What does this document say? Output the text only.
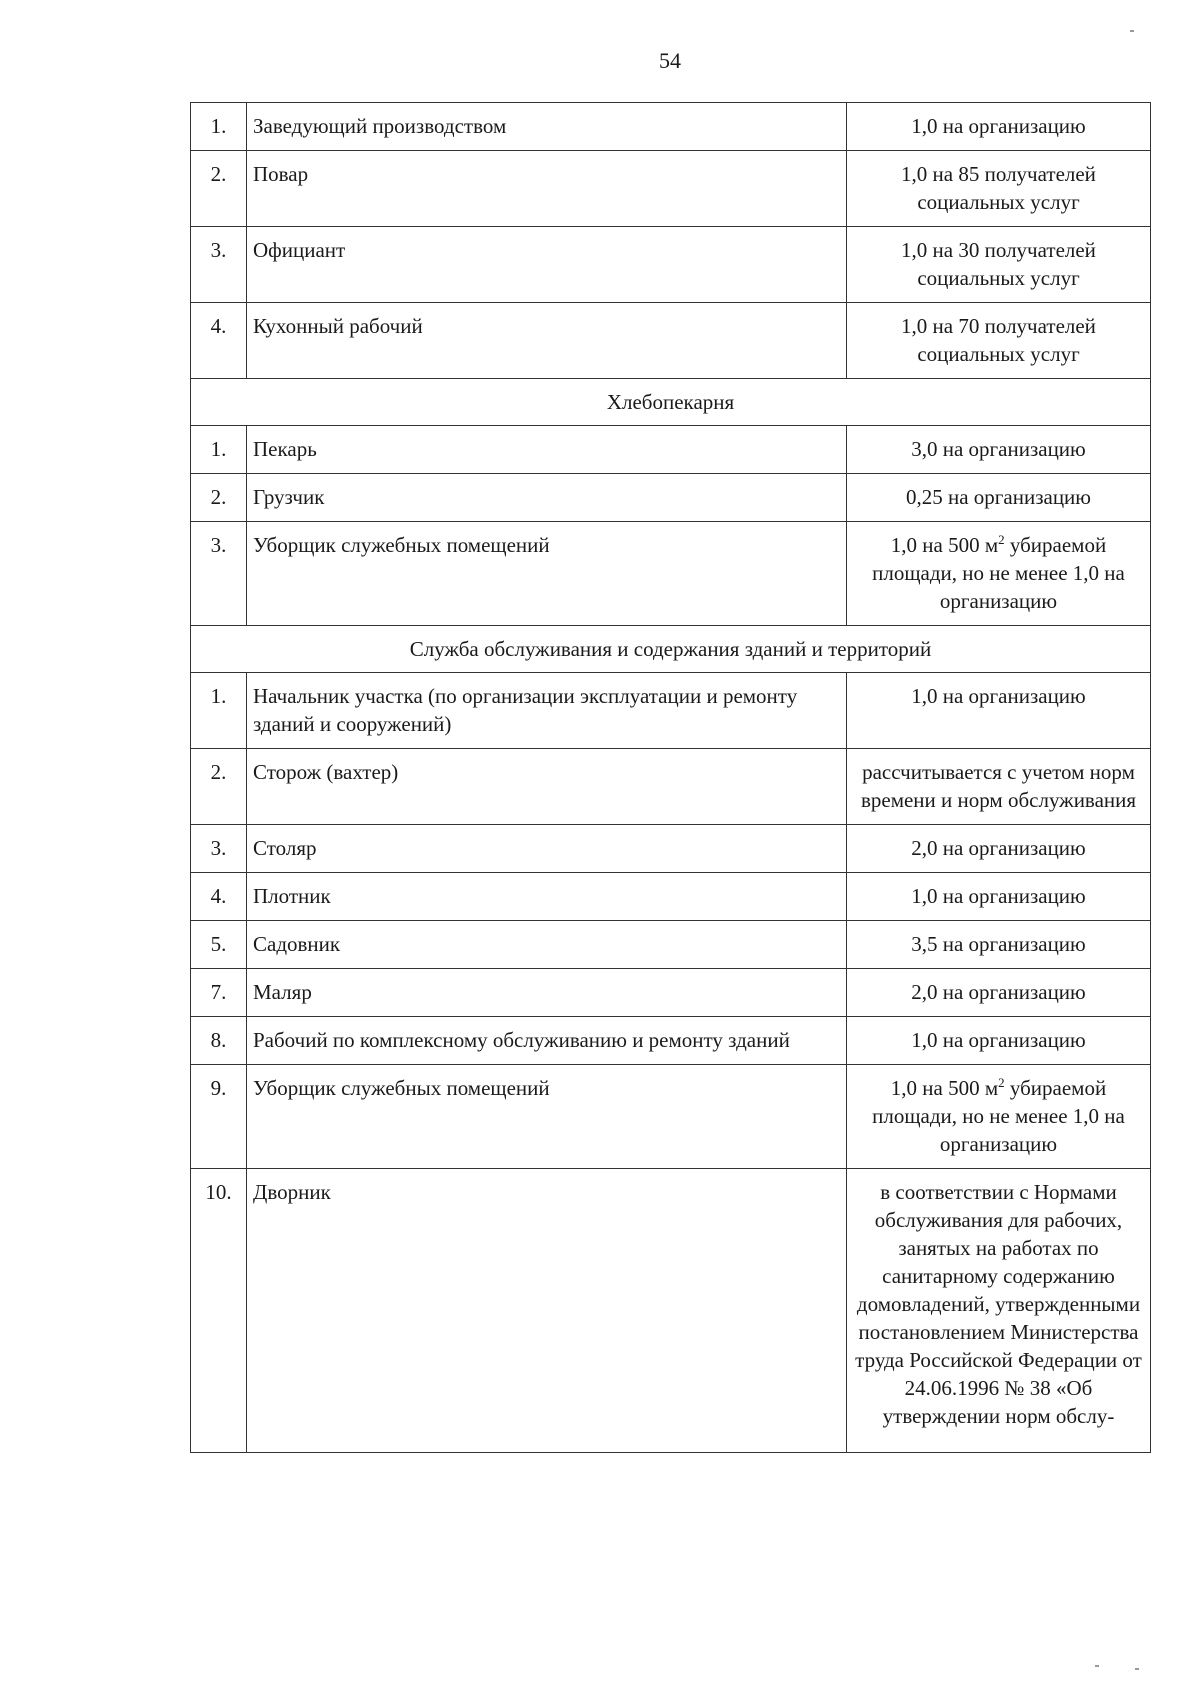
54
1.	Заведующий производством	1,0 на организацию
2.	Повар	1,0 на 85 получателей социальных услуг
3.	Официант	1,0 на 30 получателей социальных услуг
4.	Кухонный рабочий	1,0 на 70 получателей социальных услуг
Хлебопекарня		
1.	Пекарь	3,0 на организацию
2.	Грузчик	0,25 на организацию
3.	Уборщик служебных помещений	1,0 на 500 $м^2$ убираемой площади, но не менее 1,0 на организацию
Служба обслуживания и содержания зданий и территорий		
1.	Начальник участка (по организации эксплуатации и ремонту зданий и сооружений)	1,0 на организацию
2.	Сторож (вахтер)	рассчитывается с учетом норм времени и норм обслуживания
3.	Столяр	2,0 на организацию
4.	Плотник	1,0 на организацию
5.	Садовник	3,5 на организацию
7.	Маляр	2,0 на организацию
8.	Рабочий по комплексному обслуживанию и ремонту зданий	1,0 на организацию
9.	Уборщик служебных помещений	1,0 на 500 $м^2$ убираемой площади, но не менее 1,0 на организацию
10.	Дворник	в соответствии с Нормами обслуживания для рабочих, занятых на работах по санитарному содержанию домовладений, утвержденными постановлением Министерства труда Российской Федерации от 24.06.1996 № 38 «Об утверждении норм обслу-
